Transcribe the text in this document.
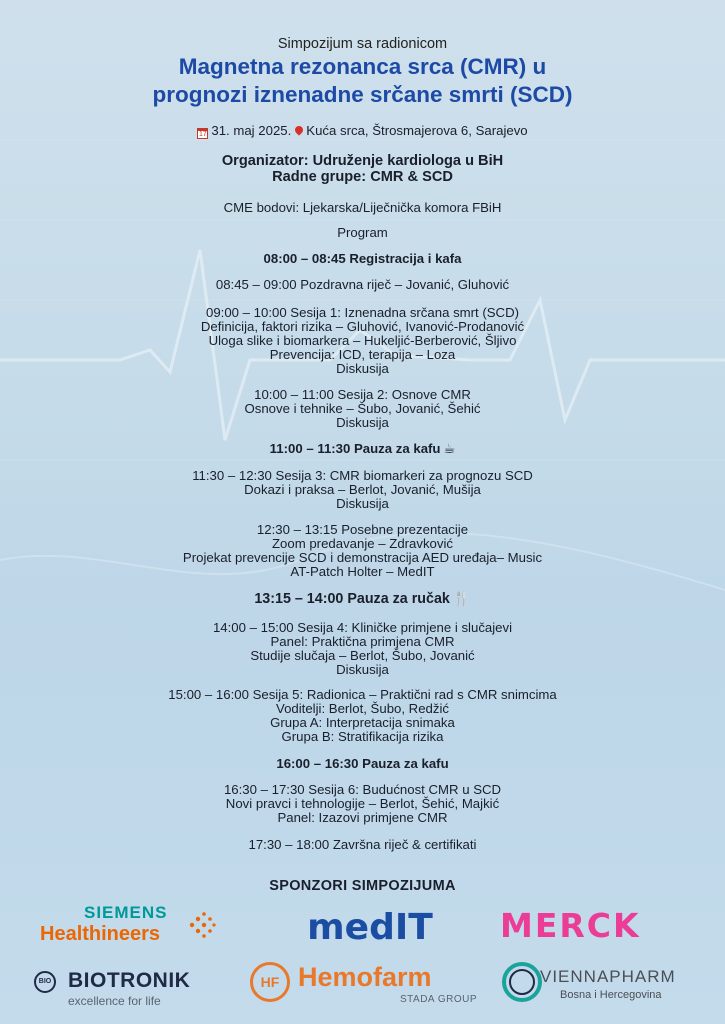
Simpozijum sa radionicom
Magnetna rezonanca srca (CMR) u
prognozi iznenadne srčane smrti (SCD)
17 31. maj 2025. Kuća srca, Štrosmajerova 6, Sarajevo
Organizator: Udruženje kardiologa u BiH
Radne grupe: CMR & SCD
CME bodovi: Ljekarska/Liječnička komora FBiH
Program
08:00 – 08:45 Registracija i kafa
08:45 – 09:00 Pozdravna riječ – Jovanić, Gluhović
09:00 – 10:00 Sesija 1: Iznenadna srčana smrt (SCD)
Definicija, faktori rizika – Gluhović, Ivanović-Prodanović
Uloga slike i biomarkera – Hukeljić-Berberović, Šljivo
Prevencija: ICD, terapija – Loza
Diskusija
10:00 – 11:00 Sesija 2: Osnove CMR
Osnove i tehnike – Šubo, Jovanić, Šehić
Diskusija
11:00 – 11:30 Pauza za kafu ☕
11:30 – 12:30 Sesija 3: CMR biomarkeri za prognozu SCD
Dokazi i praksa – Berlot, Jovanić, Mušija
Diskusija
12:30 – 13:15 Posebne prezentacije
Zoom predavanje – Zdravković
Projekat prevencije SCD i demonstracija AED uređaja– Music
AT-Patch Holter – MedIT
13:15 – 14:00 Pauza za ručak 🍴
14:00 – 15:00 Sesija 4: Kliničke primjene i slučajevi
Panel: Praktična primjena CMR
Studije slučaja – Berlot, Šubo, Jovanić
Diskusija
15:00 – 16:00 Sesija 5: Radionica – Praktični rad s CMR snimcima
Voditelji: Berlot, Šubo, Redžić
Grupa A: Interpretacija snimaka
Grupa B: Stratifikacija rizika
16:00 – 16:30 Pauza za kafu
16:30 – 17:30 Sesija 6: Budućnost CMR u SCD
Novi pravci i tehnologije – Berlot, Šehić, Majkić
Panel: Izazovi primjene CMR
17:30 – 18:00 Završna riječ & certifikati
SPONZORI SIMPOZIJUMA
SIEMENS
Healthineers	medIT	MERCK
BIO BIOTRONIK
excellence for life
HF Hemofarm
STADA GROUP
VIENNAPHARM
Bosna i Hercegovina
